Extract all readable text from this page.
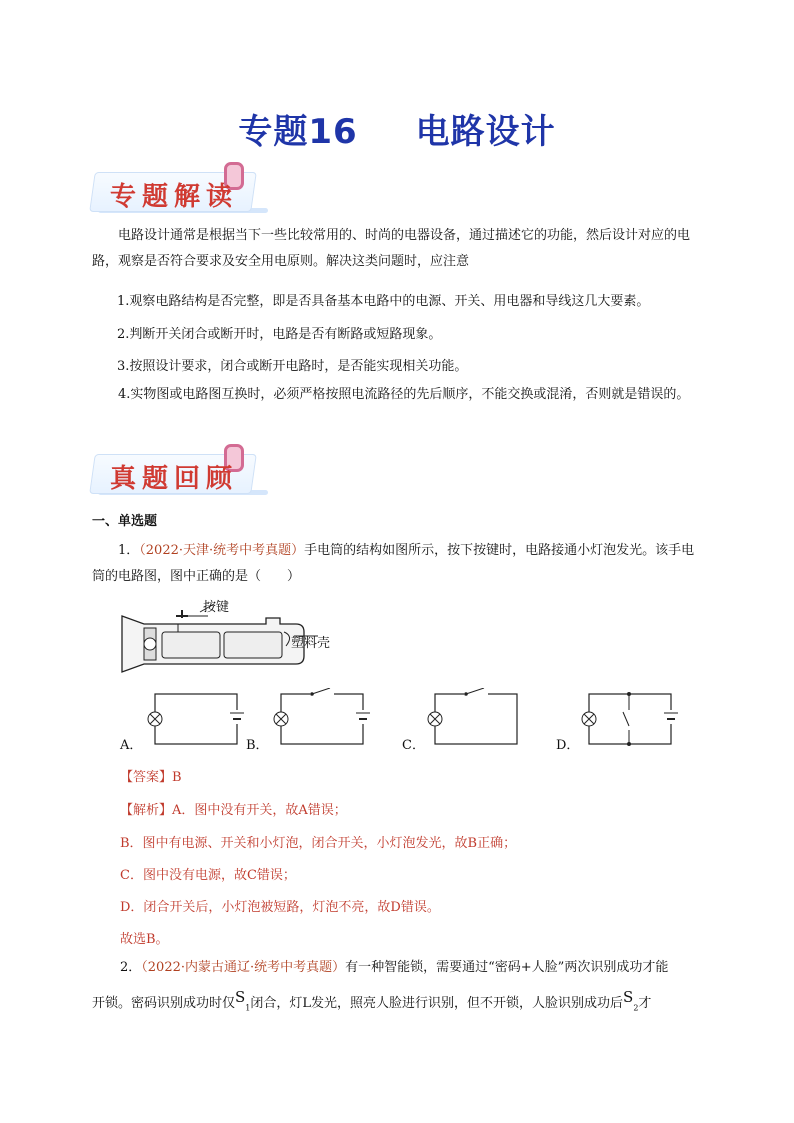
专题16 电路设计
专题解读
电路设计通常是根据当下一些比较常用的、时尚的电器设备，通过描述它的功能，然后设计对应的电路，观察是否符合要求及安全用电原则。解决这类问题时，应注意
1.观察电路结构是否完整，即是否具备基本电路中的电源、开关、用电器和导线这几大要素。
2.判断开关闭合或断开时，电路是否有断路或短路现象。
3.按照设计要求，闭合或断开电路时，是否能实现相关功能。
4.实物图或电路图互换时，必须严格按照电流路径的先后顺序，不能交换或混淆，否则就是错误的。
真题回顾
一、单选题
1．（2022·天津·统考中考真题）手电筒的结构如图所示，按下按键时，电路接通小灯泡发光。该手电筒的电路图，图中正确的是（　　）
按键
塑料壳
A．	B．	C．	D．
【答案】B
【解析】A．图中没有开关，故A错误；
B．图中有电源、开关和小灯泡，闭合开关，小灯泡发光，故B正确；
C．图中没有电源，故C错误；
D．闭合开关后，小灯泡被短路，灯泡不亮，故D错误。
故选B。
2．（2022·内蒙古通辽·统考中考真题）有一种智能锁，需要通过“密码+人脸”两次识别成功才能
开锁。密码识别成功时仅$S_1$闭合，灯L发光，照亮人脸进行识别，但不开锁，人脸识别成功后$S_2$才
